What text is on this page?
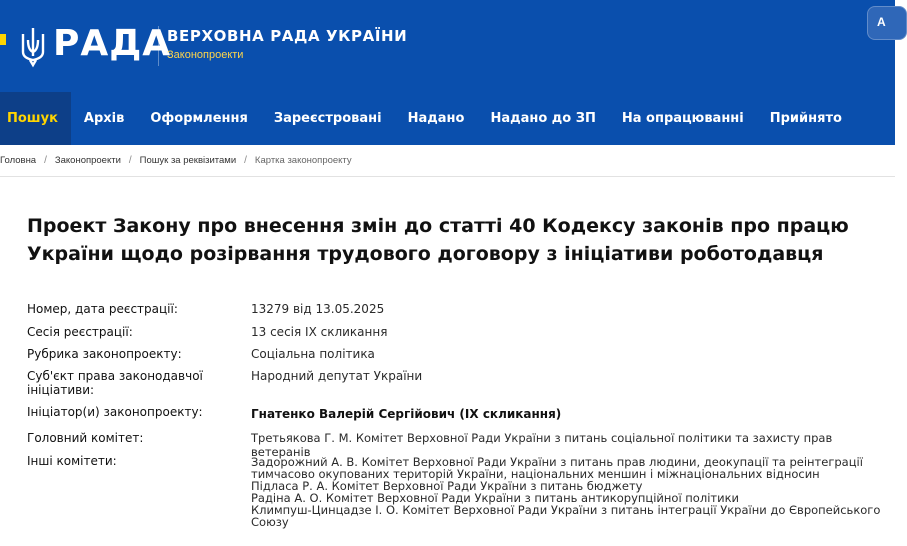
РАДА
ВЕРХОВНА РАДА УКРАЇНИ
Законопроекти
A
Пошук	Архів	Оформлення	Зареєстровані	Надано	Надано до ЗП	На опрацюванні	Прийнято
Головна / Законопроекти / Пошук за реквізитами / Картка законопроекту
Проект Закону про внесення змін до статті 40 Кодексу законів про працю України щодо розірвання трудового договору з ініціативи роботодавця
Номер, дата реєстрації:	13279 від 13.05.2025
Сесія реєстрації:	13 сесія IX скликання
Рубрика законопроекту:	Соціальна політика
Суб'єкт права законодавчої ініціативи:
Народний депутат України
Ініціатор(и) законопроекту:	Гнатенко Валерій Сергійович (IX скликання)
Головний комітет:	Третьякова Г. М. Комітет Верховної Ради України з питань соціальної політики та захисту прав ветеранів
Інші комітети:	Задорожний А. В. Комітет Верховної Ради України з питань прав людини, деокупації та реінтеграції
тимчасово окупованих територій України, національних меншин і міжнаціональних відносин
Підласа Р. А. Комітет Верховної Ради України з питань бюджету
Радіна А. О. Комітет Верховної Ради України з питань антикорупційної політики
Климпуш-Цинцадзе І. О. Комітет Верховної Ради України з питань інтеграції України до Європейського
Союзу
